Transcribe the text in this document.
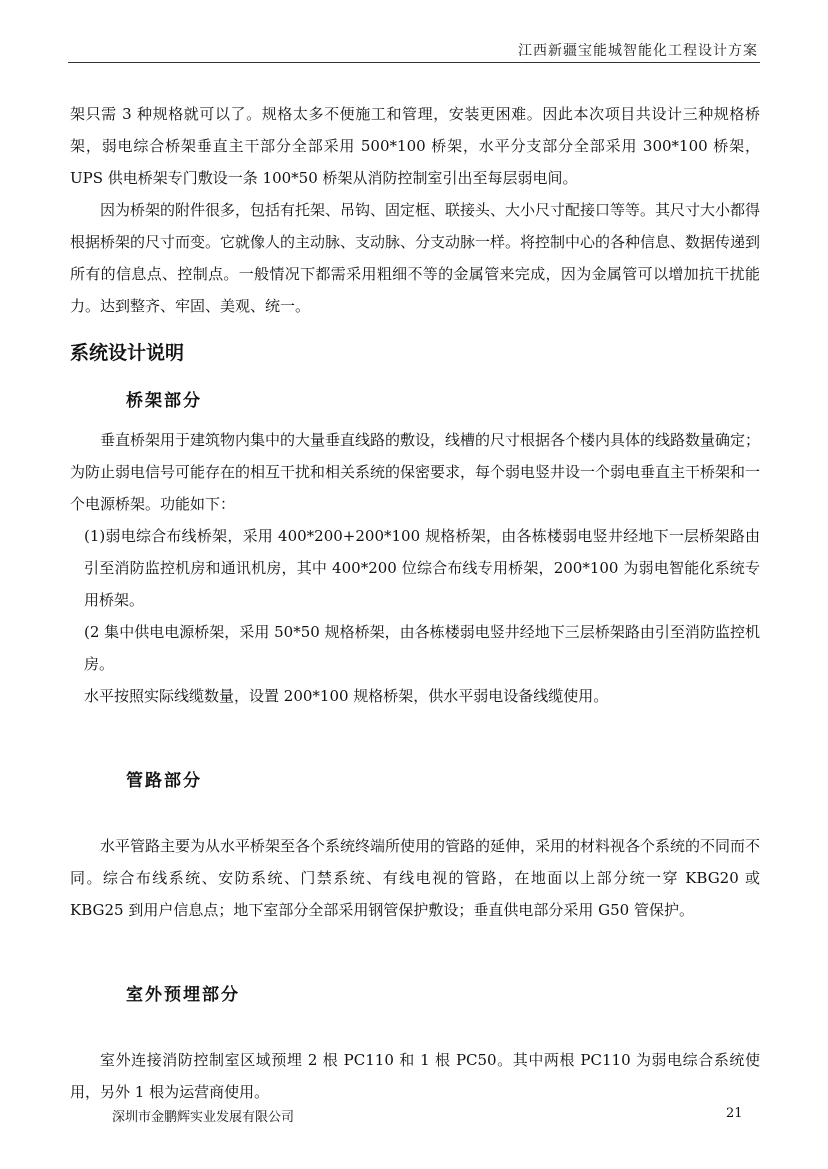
江西新疆宝能城智能化工程设计方案

架只需 3 种规格就可以了。规格太多不便施工和管理，安装更困难。因此本次项目共设计三种规格桥架，弱电综合桥架垂直主干部分全部采用 500*100 桥架，水平分支部分全部采用 300*100 桥架，UPS 供电桥架专门敷设一条 100*50 桥架从消防控制室引出至每层弱电间。

因为桥架的附件很多，包括有托架、吊钩、固定框、联接头、大小尺寸配接口等等。其尺寸大小都得根据桥架的尺寸而变。它就像人的主动脉、支动脉、分支动脉一样。将控制中心的各种信息、数据传递到所有的信息点、控制点。一般情况下都需采用粗细不等的金属管来完成，因为金属管可以增加抗干扰能力。达到整齐、牢固、美观、统一。

系统设计说明
桥架部分

垂直桥架用于建筑物内集中的大量垂直线路的敷设，线槽的尺寸根据各个楼内具体的线路数量确定；为防止弱电信号可能存在的相互干扰和相关系统的保密要求，每个弱电竖井设一个弱电垂直主干桥架和一个电源桥架。功能如下：

(1)弱电综合布线桥架，采用 400*200+200*100 规格桥架，由各栋楼弱电竖井经地下一层桥架路由引至消防监控机房和通讯机房，其中 400*200 位综合布线专用桥架，200*100 为弱电智能化系统专用桥架。

(2 集中供电电源桥架，采用 50*50 规格桥架，由各栋楼弱电竖井经地下三层桥架路由引至消防监控机房。

水平按照实际线缆数量，设置 200*100 规格桥架，供水平弱电设备线缆使用。

管路部分

水平管路主要为从水平桥架至各个系统终端所使用的管路的延伸，采用的材料视各个系统的不同而不同。综合布线系统、安防系统、门禁系统、有线电视的管路，在地面以上部分统一穿 KBG20 或 KBG25 到用户信息点；地下室部分全部采用钢管保护敷设；垂直供电部分采用 G50 管保护。

室外预埋部分

室外连接消防控制室区域预埋 2 根 PC110 和 1 根 PC50。其中两根 PC110 为弱电综合系统使用，另外 1 根为运营商使用。

深圳市金鹏辉实业发展有限公司	21
